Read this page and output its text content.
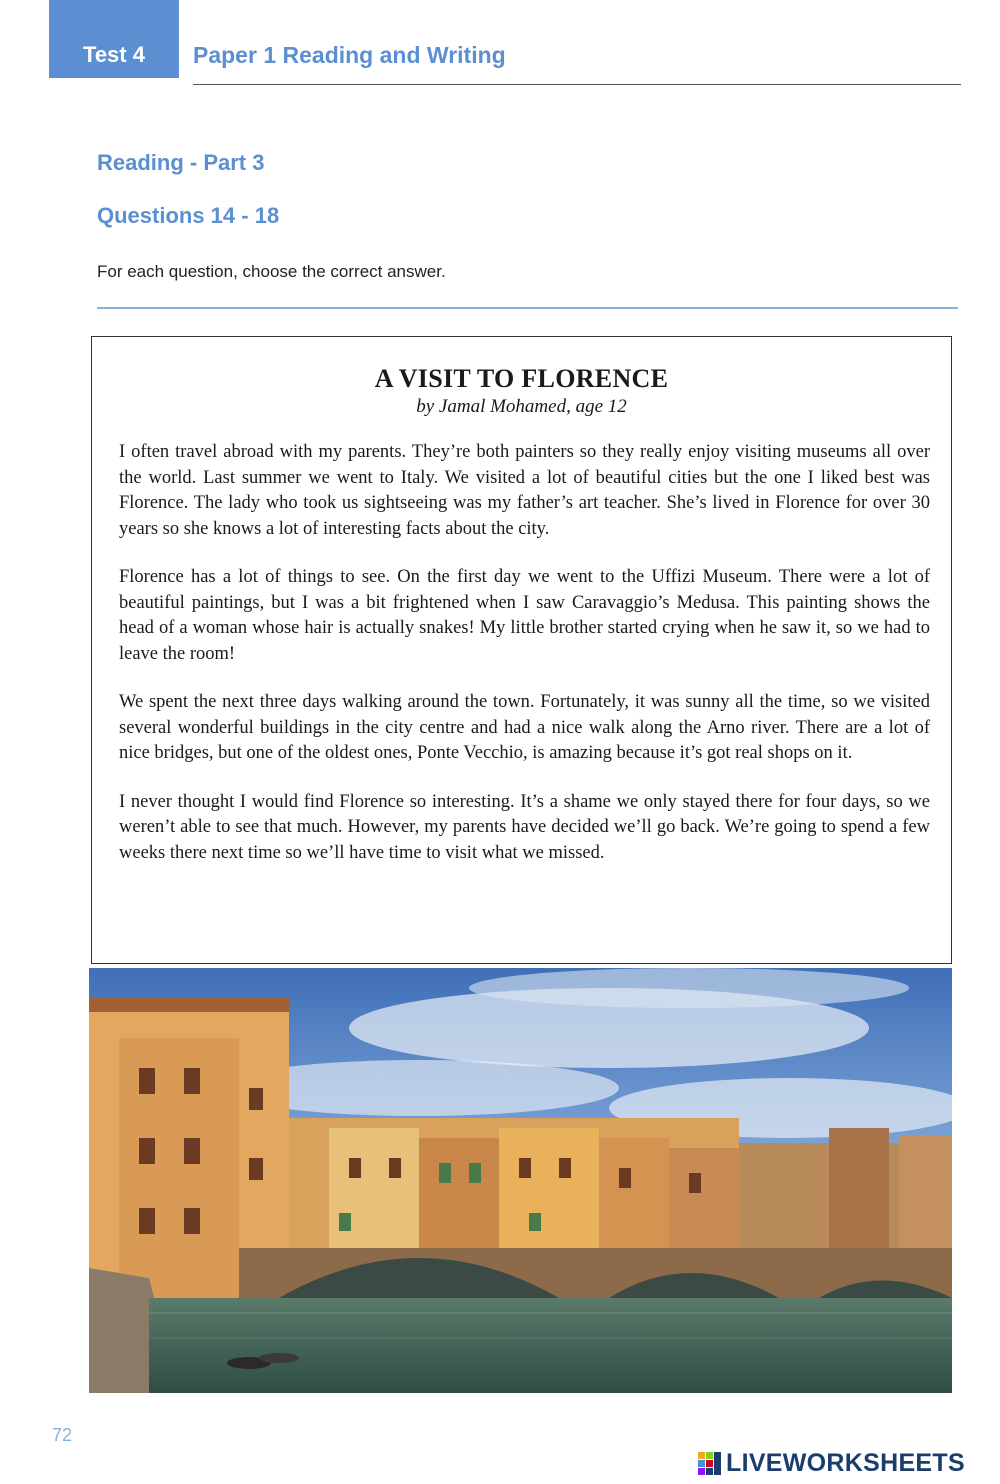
Test 4 Paper 1 Reading and Writing
Reading - Part 3
Questions 14 - 18
For each question, choose the correct answer.
A VISIT TO FLORENCE
by Jamal Mohamed, age 12

I often travel abroad with my parents. They’re both painters so they really enjoy visiting museums all over the world. Last summer we went to Italy. We visited a lot of beautiful cities but the one I liked best was Florence. The lady who took us sightseeing was my father’s art teacher. She’s lived in Florence for over 30 years so she knows a lot of interesting facts about the city.

Florence has a lot of things to see. On the first day we went to the Uffizi Museum. There were a lot of beautiful paintings, but I was a bit frightened when I saw Caravaggio’s Medusa. This painting shows the head of a woman whose hair is actually snakes! My little brother started crying when he saw it, so we had to leave the room!

We spent the next three days walking around the town. Fortunately, it was sunny all the time, so we visited several wonderful buildings in the city centre and had a nice walk along the Arno river. There are a lot of nice bridges, but one of the oldest ones, Ponte Vecchio, is amazing because it’s got real shops on it.

I never thought I would find Florence so interesting. It’s a shame we only stayed there for four days, so we weren’t able to see that much. However, my parents have decided we’ll go back. We’re going to spend a few weeks there next time so we’ll have time to visit what we missed.

72
LIVEWORKSHEETS
